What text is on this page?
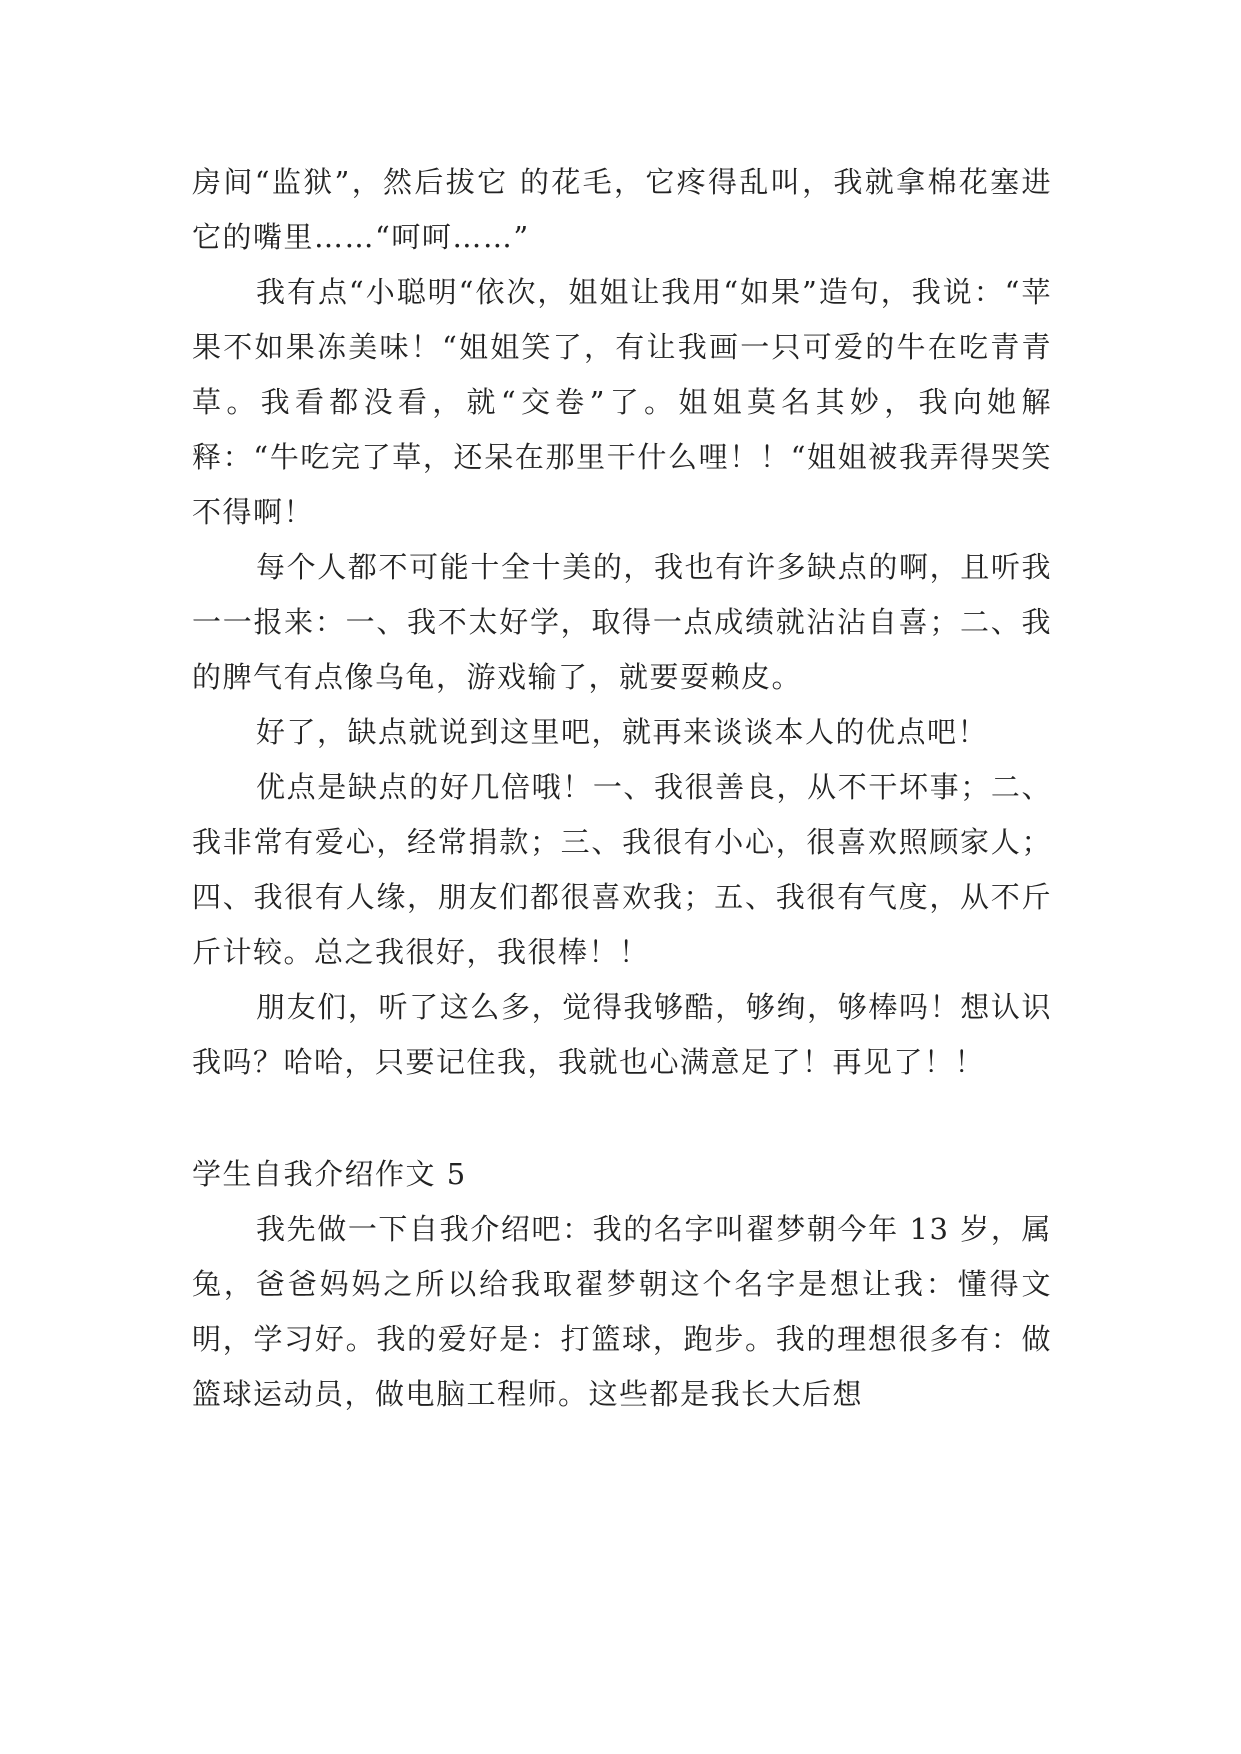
房间“监狱”，然后拔它 的花毛，它疼得乱叫，我就拿棉花塞进它的嘴里……“呵呵……”

我有点“小聪明“依次，姐姐让我用“如果”造句，我说：“苹果不如果冻美味！“姐姐笑了，有让我画一只可爱的牛在吃青青草。我看都没看，就“交卷”了。姐姐莫名其妙，我向她解释：“牛吃完了草，还呆在那里干什么哩！！“姐姐被我弄得哭笑不得啊！

每个人都不可能十全十美的，我也有许多缺点的啊，且听我一一报来：一、我不太好学，取得一点成绩就沾沾自喜；二、我的脾气有点像乌龟，游戏输了，就要耍赖皮。

好了，缺点就说到这里吧，就再来谈谈本人的优点吧！

优点是缺点的好几倍哦！一、我很善良，从不干坏事；二、我非常有爱心，经常捐款；三、我很有小心，很喜欢照顾家人；四、我很有人缘，朋友们都很喜欢我；五、我很有气度，从不斤斤计较。总之我很好，我很棒！！

朋友们，听了这么多，觉得我够酷，够绚，够棒吗！想认识我吗？哈哈，只要记住我，我就也心满意足了！再见了！！

学生自我介绍作文 5

我先做一下自我介绍吧：我的名字叫翟梦朝今年 13 岁，属兔，爸爸妈妈之所以给我取翟梦朝这个名字是想让我：懂得文明，学习好。我的爱好是：打篮球，跑步。我的理想很多有：做篮球运动员，做电脑工程师。这些都是我长大后想
